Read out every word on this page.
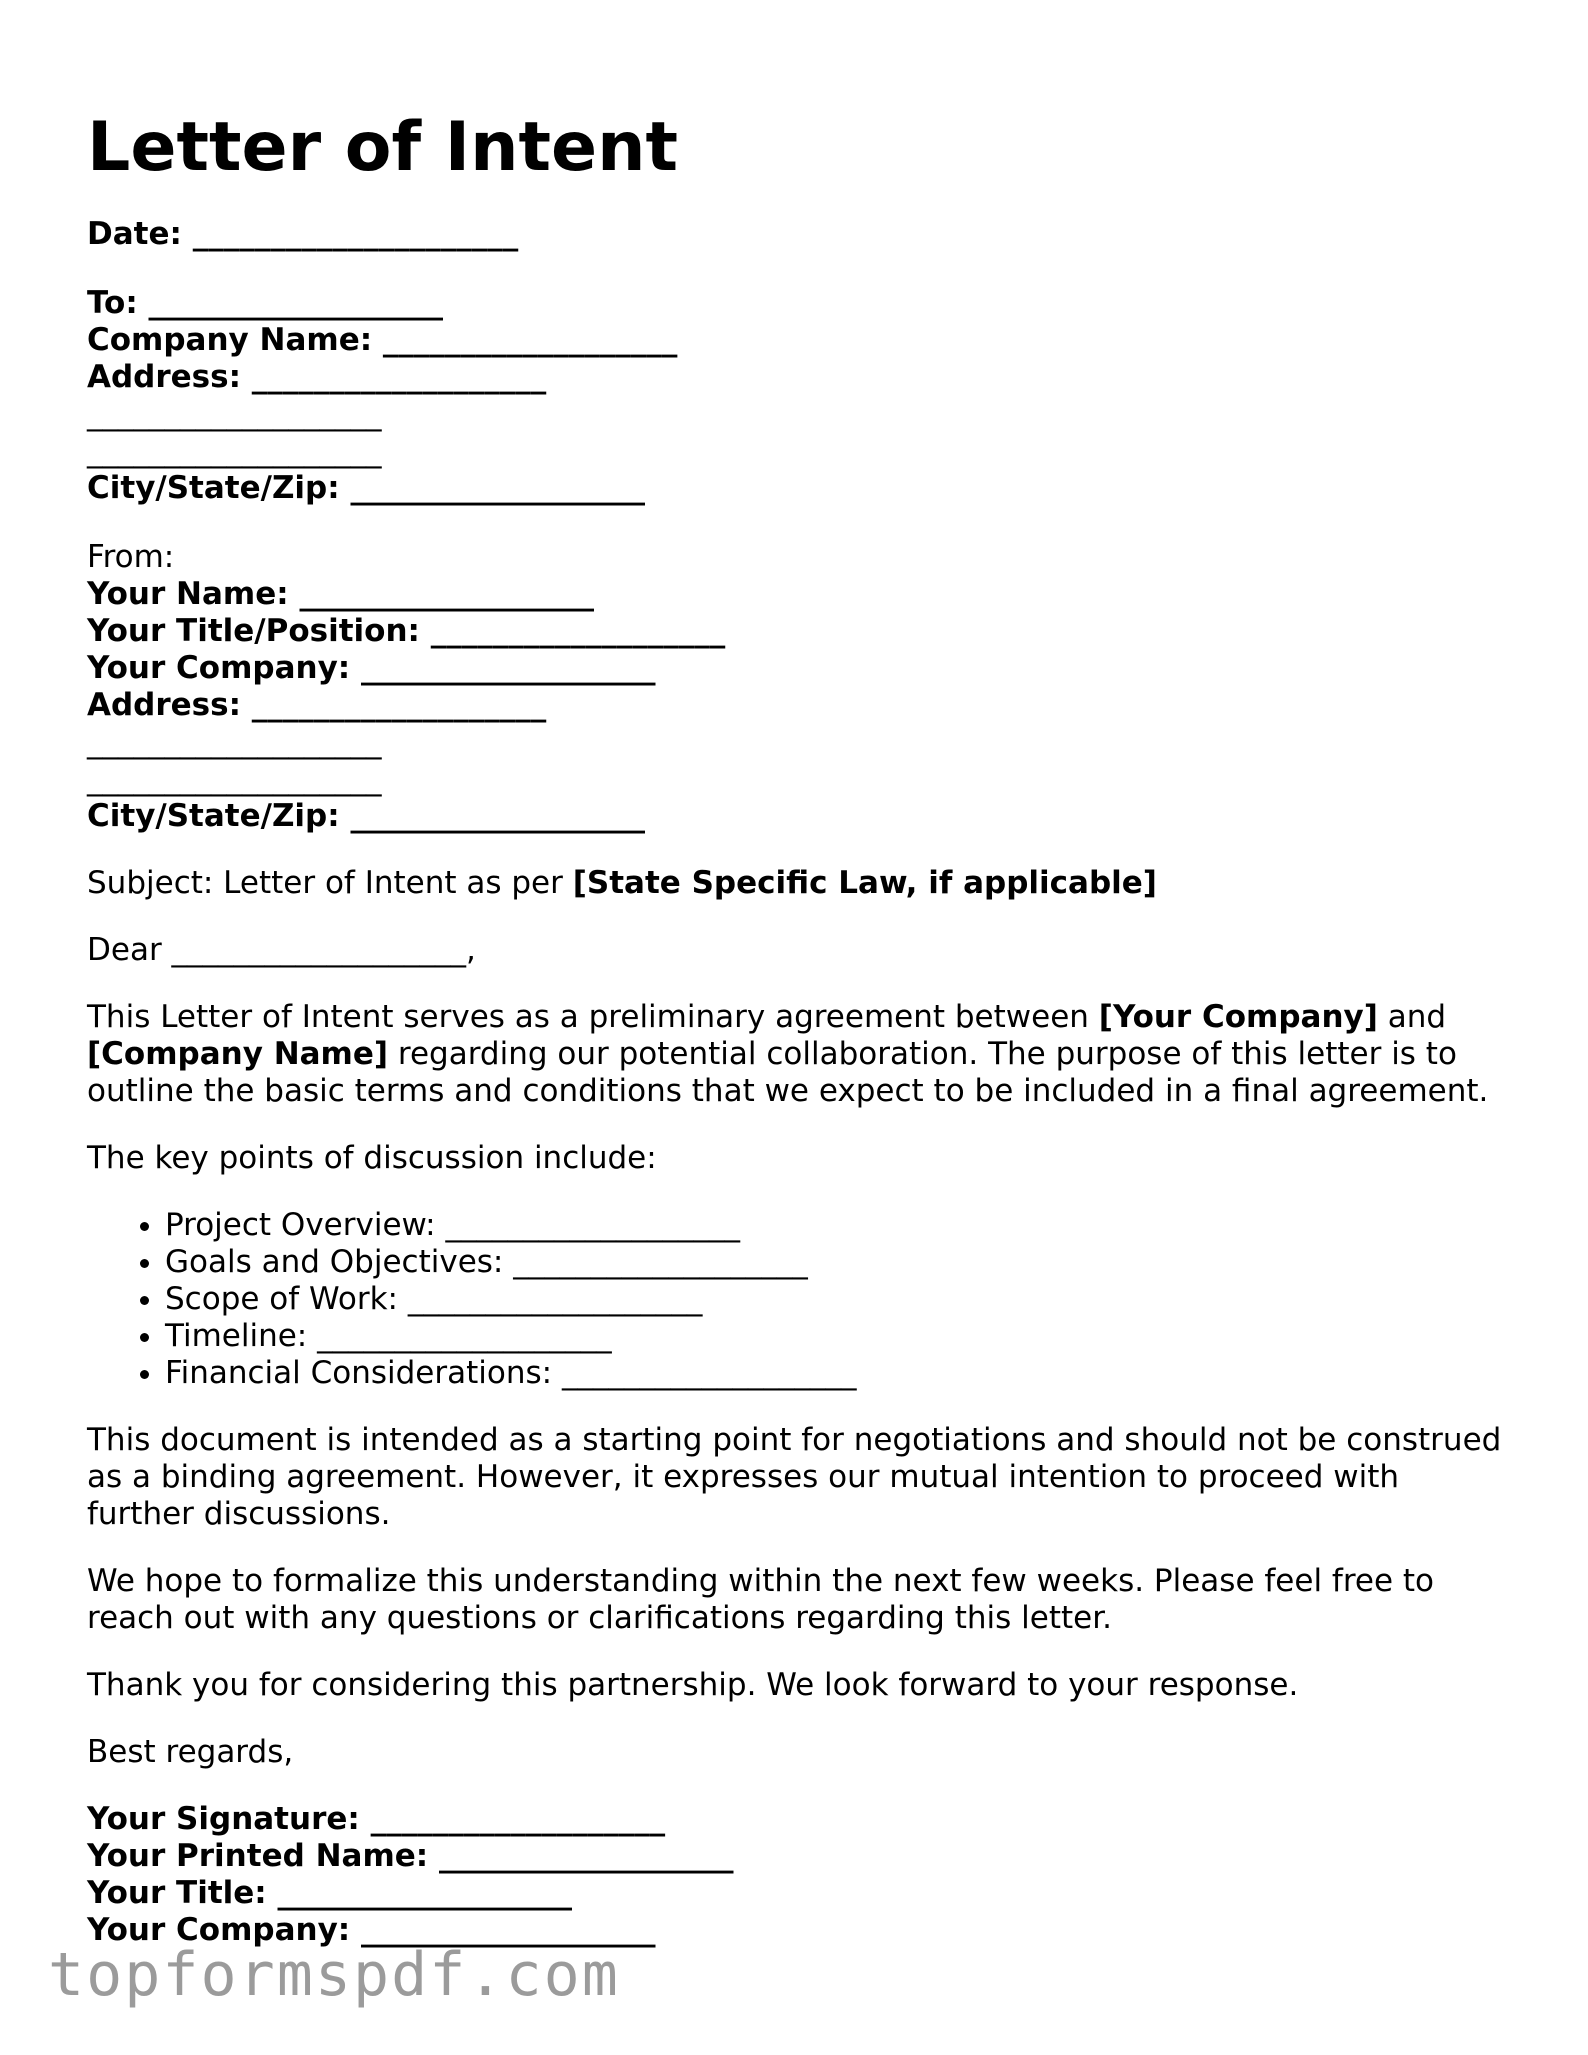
Letter of Intent
Date: _____________________
To: ___________________
Company Name: ___________________
Address: ___________________
___________________
___________________
City/State/Zip: ___________________
From:
Your Name: ___________________
Your Title/Position: ___________________
Your Company: ___________________
Address: ___________________
___________________
___________________
City/State/Zip: ___________________
Subject: Letter of Intent as per [State Specific Law, if applicable]
Dear ___________________,

This Letter of Intent serves as a preliminary agreement between [Your Company] and [Company Name] regarding our potential collaboration. The purpose of this letter is to outline the basic terms and conditions that we expect to be included in a final agreement.

The key points of discussion include:
• Project Overview: ___________________
• Goals and Objectives: ___________________
• Scope of Work: ___________________
• Timeline: ___________________
• Financial Considerations: ___________________

This document is intended as a starting point for negotiations and should not be construed as a binding agreement. However, it expresses our mutual intention to proceed with further discussions.

We hope to formalize this understanding within the next few weeks. Please feel free to reach out with any questions or clarifications regarding this letter.

Thank you for considering this partnership. We look forward to your response.

Best regards,
Your Signature: ___________________
Your Printed Name: ___________________
Your Title: ___________________
Your Company: ___________________
topformspdf.com
